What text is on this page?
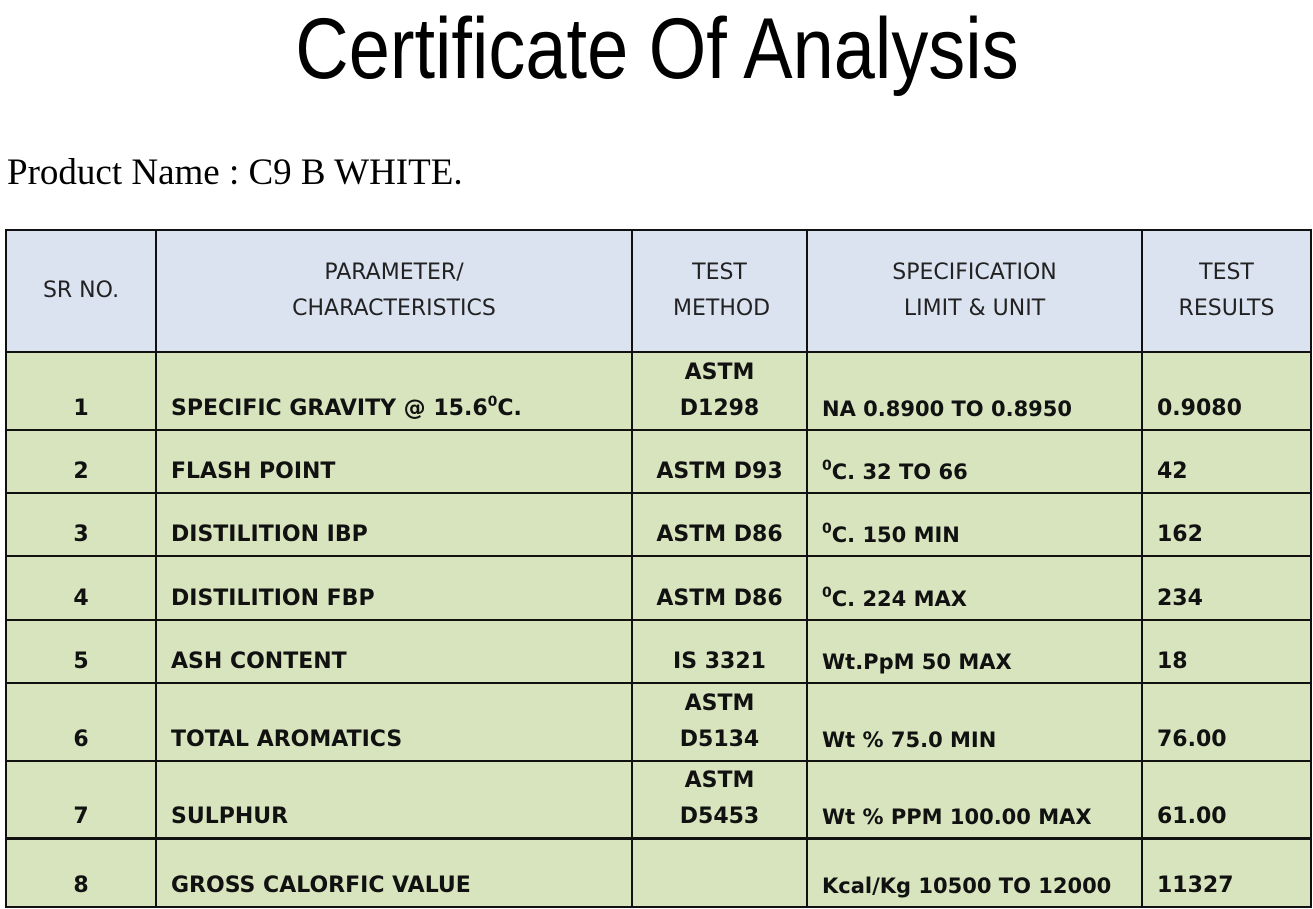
Certificate Of Analysis
Product Name : C9 B WHITE.
SR NO.	PARAMETER/ CHARACTERISTICS	TEST METHOD	SPECIFICATION LIMIT & UNIT	TEST RESULTS
1	SPECIFIC GRAVITY @ 15.6$^0$C.	ASTM D1298	NA 0.8900 TO 0.8950	0.9080
2	FLASH POINT	ASTM D93	$^0$C. 32 TO 66	42
3	DISTILITION IBP	ASTM D86	$^0$C. 150 MIN	162
4	DISTILITION FBP	ASTM D86	$^0$C. 224 MAX	234
5	ASH CONTENT	IS 3321	Wt.PpM 50 MAX	18
6	TOTAL AROMATICS	ASTM D5134	Wt % 75.0 MIN	76.00
7	SULPHUR	ASTM D5453	Wt % PPM 100.00 MAX	61.00
8	GROSS CALORFIC VALUE		Kcal/Kg 10500 TO 12000	11327
